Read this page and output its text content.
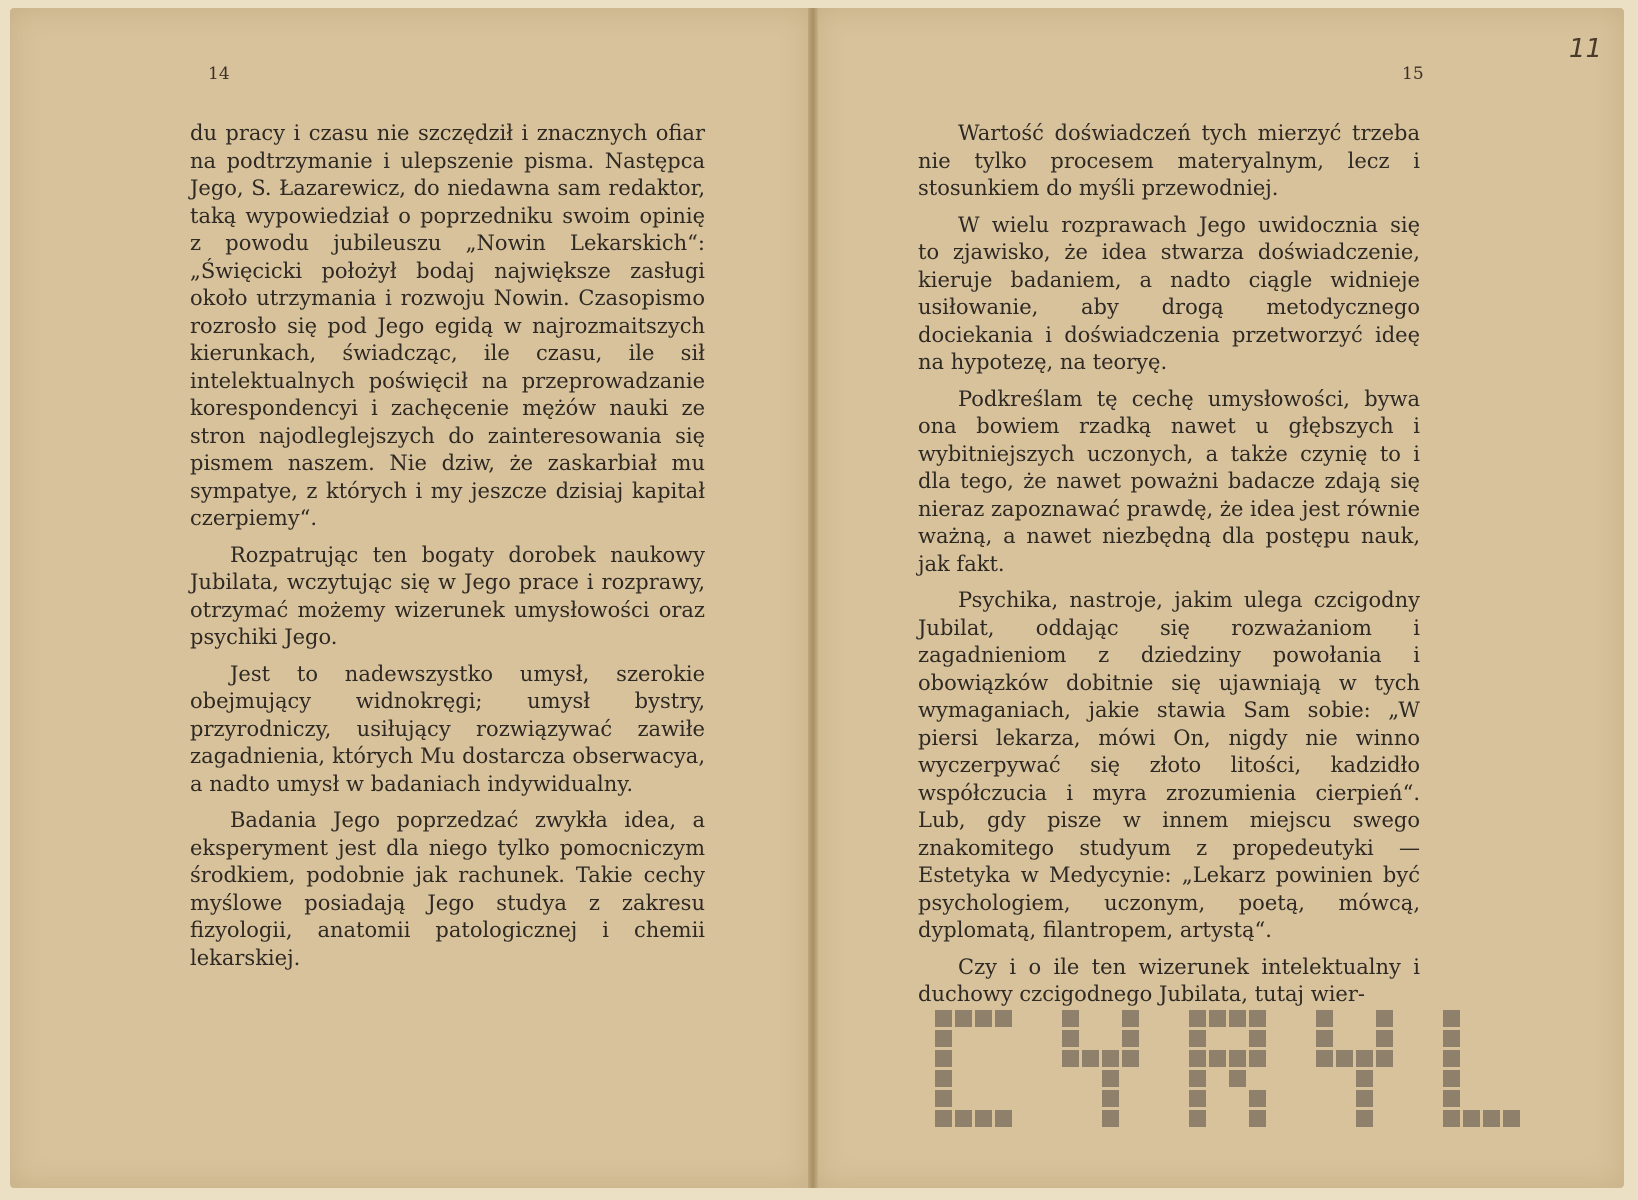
14	15
11

du pracy i czasu nie szczędził i znacznych ofiar na podtrzymanie i ulepszenie pisma. Następca Jego, S. Łazarewicz, do niedawna sam redaktor, taką wypowiedział o poprzedniku swoim opinię z powodu jubileuszu „Nowin Lekarskich“: „Święcicki położył bodaj największe zasługi około utrzymania i rozwoju Nowin. Czasopismo rozrosło się pod Jego egidą w najrozmaitszych kierunkach, świadcząc, ile czasu, ile sił intelektualnych poświęcił na przeprowadzanie korespondencyi i zachęcenie mężów nauki ze stron najodleglejszych do zainteresowania się pismem naszem. Nie dziw, że zaskarbiał mu sympatye, z których i my jeszcze dzisiaj kapitał czerpiemy“.

Rozpatrując ten bogaty dorobek naukowy Jubilata, wczytując się w Jego prace i rozprawy, otrzymać możemy wizerunek umysłowości oraz psychiki Jego.

Jest to nadewszystko umysł, szerokie obejmujący widnokręgi; umysł bystry, przyrodniczy, usiłujący rozwiązywać zawiłe zagadnienia, których Mu dostarcza obserwacya, a nadto umysł w badaniach indywidualny.

Badania Jego poprzedzać zwykła idea, a eksperyment jest dla niego tylko pomocniczym środkiem, podobnie jak rachunek. Takie cechy myślowe posiadają Jego studya z zakresu fizyologii, anatomii patologicznej i chemii lekarskiej.

Wartość doświadczeń tych mierzyć trzeba nie tylko procesem materyalnym, lecz i stosunkiem do myśli przewodniej.

W wielu rozprawach Jego uwidocznia się to zjawisko, że idea stwarza doświadczenie, kieruje badaniem, a nadto ciągle widnieje usiłowanie, aby drogą metodycznego dociekania i doświadczenia przetworzyć ideę na hypotezę, na teoryę.

Podkreślam tę cechę umysłowości, bywa ona bowiem rzadką nawet u głębszych i wybitniejszych uczonych, a także czynię to i dla tego, że nawet poważni badacze zdają się nieraz zapoznawać prawdę, że idea jest równie ważną, a nawet niezbędną dla postępu nauk, jak fakt.

Psychika, nastroje, jakim ulega czcigodny Jubilat, oddając się rozważaniom i zagadnieniom z dziedziny powołania i obowiązków dobitnie się ujawniają w tych wymaganiach, jakie stawia Sam sobie: „W piersi lekarza, mówi On, nigdy nie winno wyczerpywać się złoto litości, kadzidło współczucia i myra zrozumienia cierpień“. Lub, gdy pisze w innem miejscu swego znakomitego studyum z propedeutyki — Estetyka w Medycynie: „Lekarz powinien być psychologiem, uczonym, poetą, mówcą, dyplomatą, filantropem, artystą“.

Czy i o ile ten wizerunek intelektualny i duchowy czcigodnego Jubilata, tutaj wier-
